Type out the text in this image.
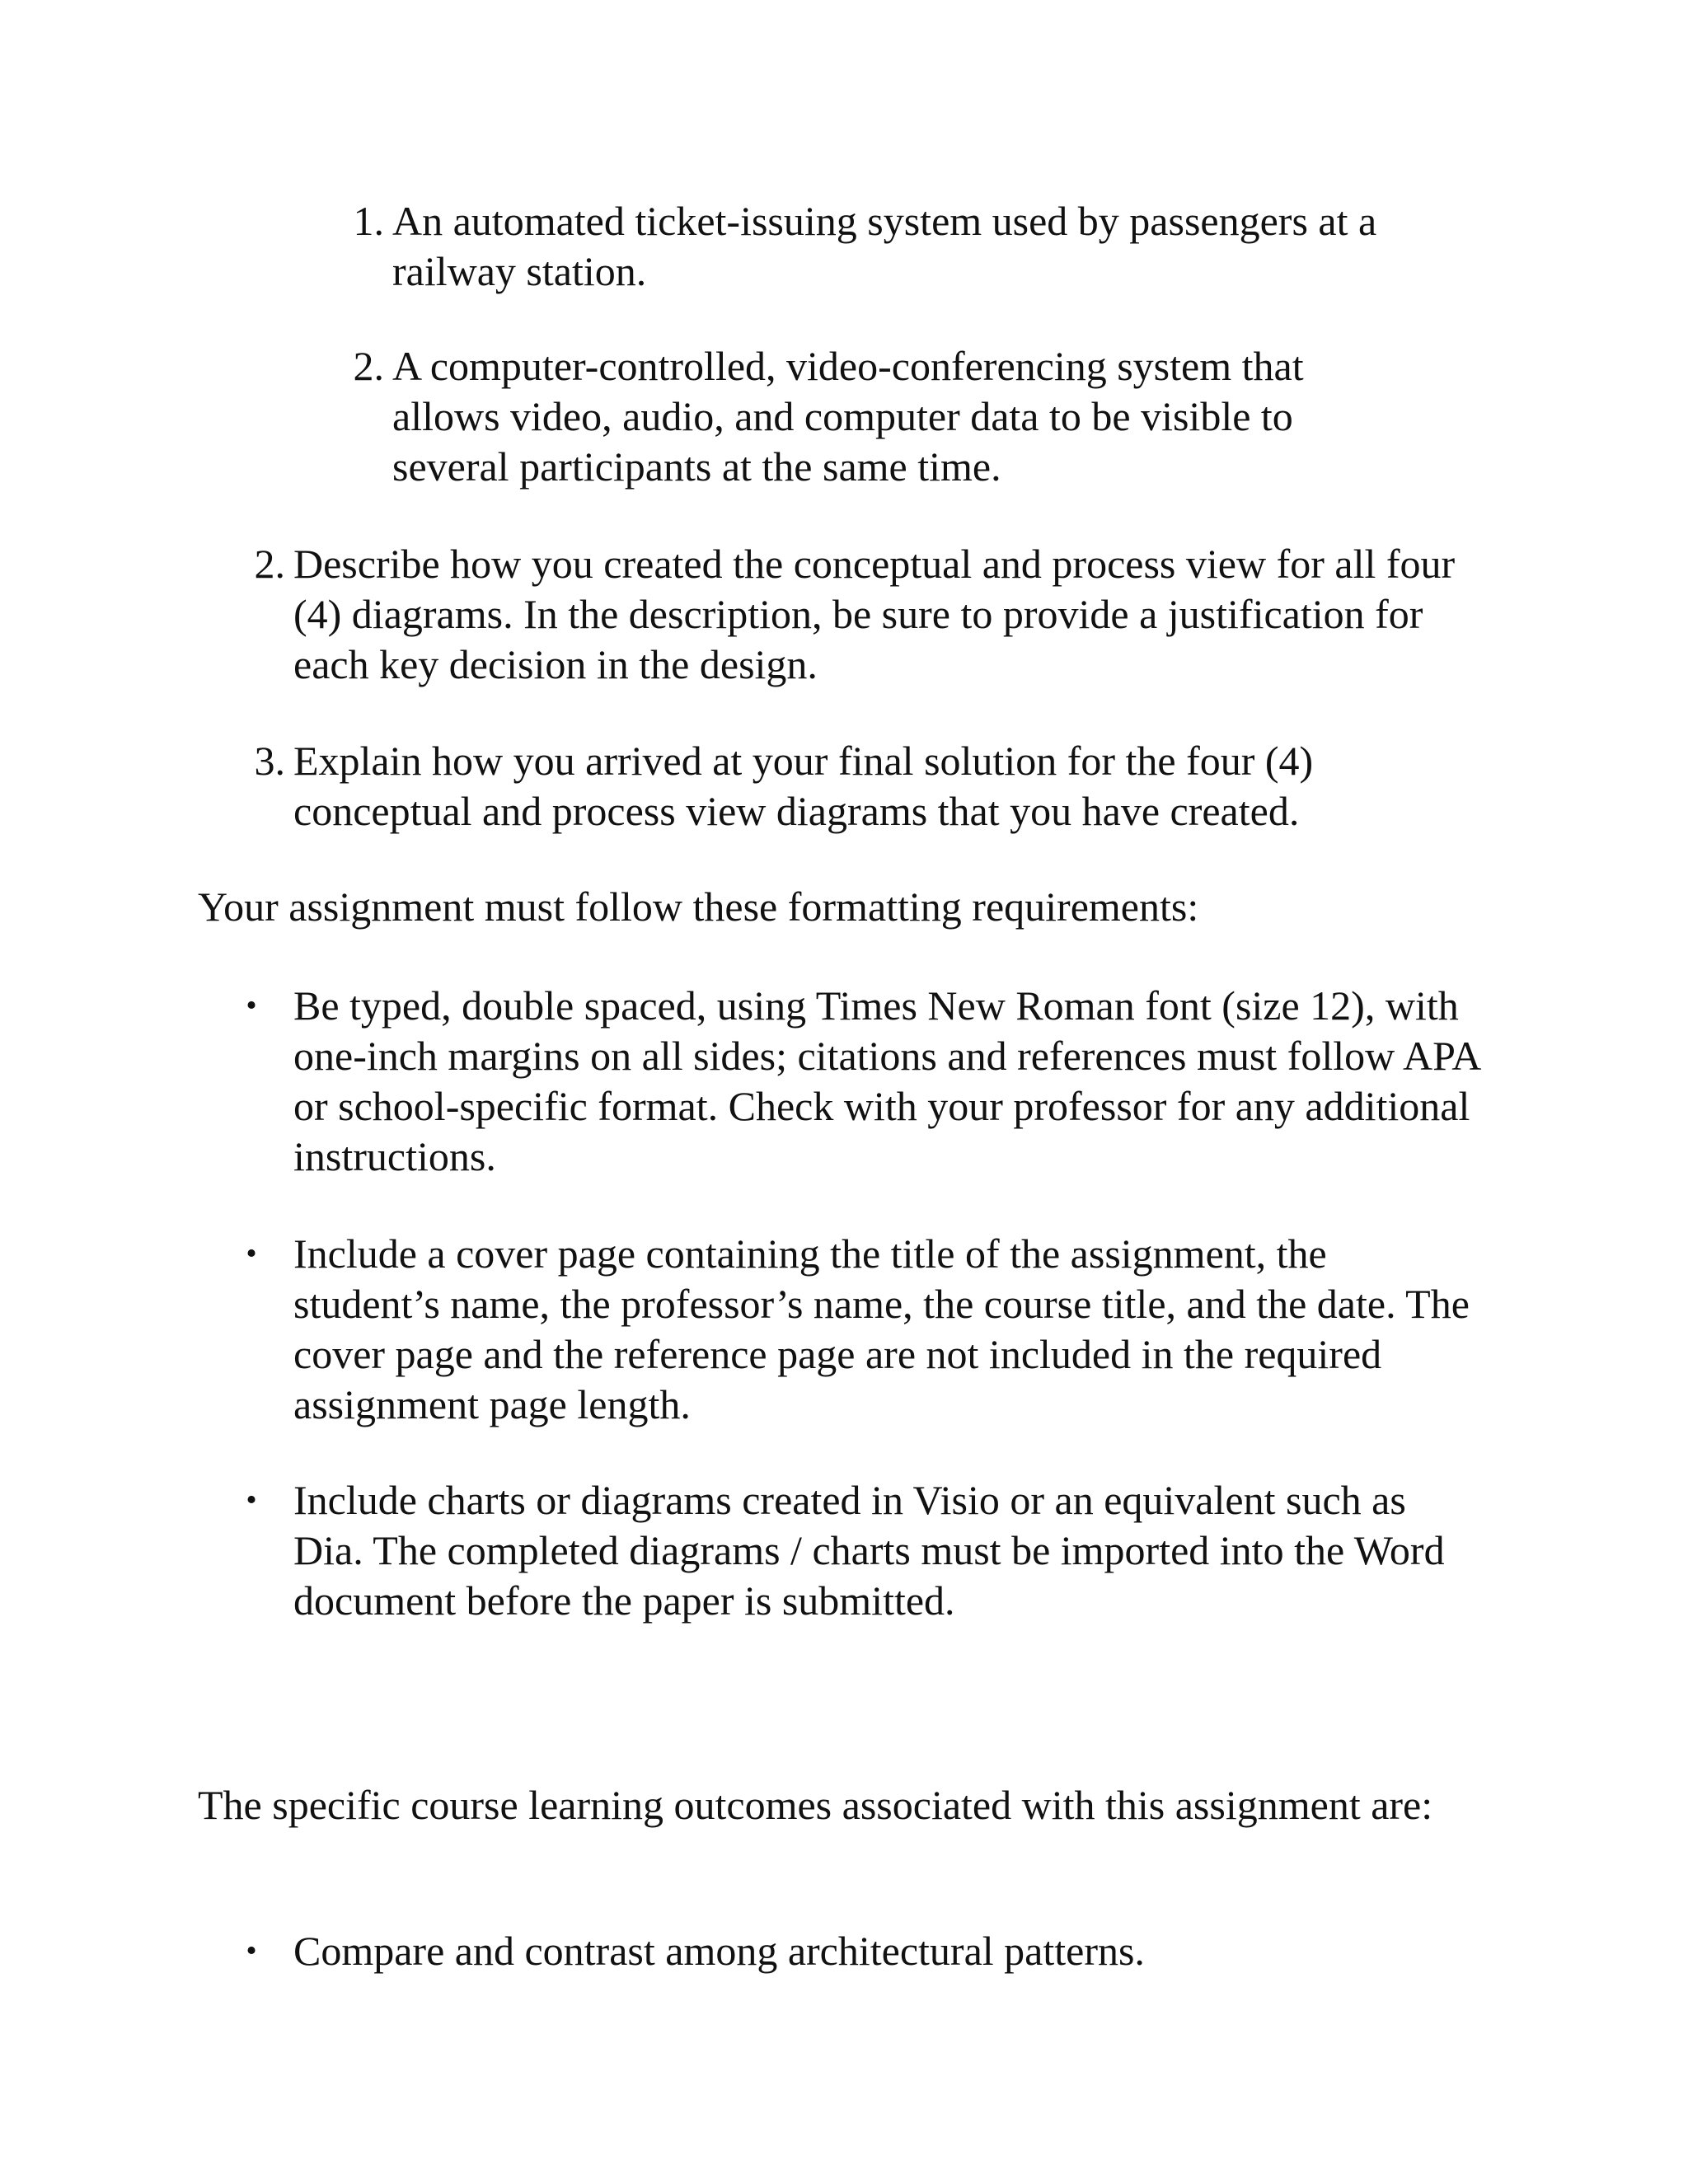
1. An automated ticket-issuing system used by passengers at a railway station.

2. A computer-controlled, video-conferencing system that allows video, audio, and computer data to be visible to several participants at the same time.

2. Describe how you created the conceptual and process view for all four (4) diagrams. In the description, be sure to provide a justification for each key decision in the design.

3. Explain how you arrived at your final solution for the four (4) conceptual and process view diagrams that you have created.

Your assignment must follow these formatting requirements:

• Be typed, double spaced, using Times New Roman font (size 12), with one-inch margins on all sides; citations and references must follow APA or school-specific format. Check with your professor for any additional instructions.

• Include a cover page containing the title of the assignment, the student’s name, the professor’s name, the course title, and the date. The cover page and the reference page are not included in the required assignment page length.

• Include charts or diagrams created in Visio or an equivalent such as Dia. The completed diagrams / charts must be imported into the Word document before the paper is submitted.

The specific course learning outcomes associated with this assignment are:

• Compare and contrast among architectural patterns.
